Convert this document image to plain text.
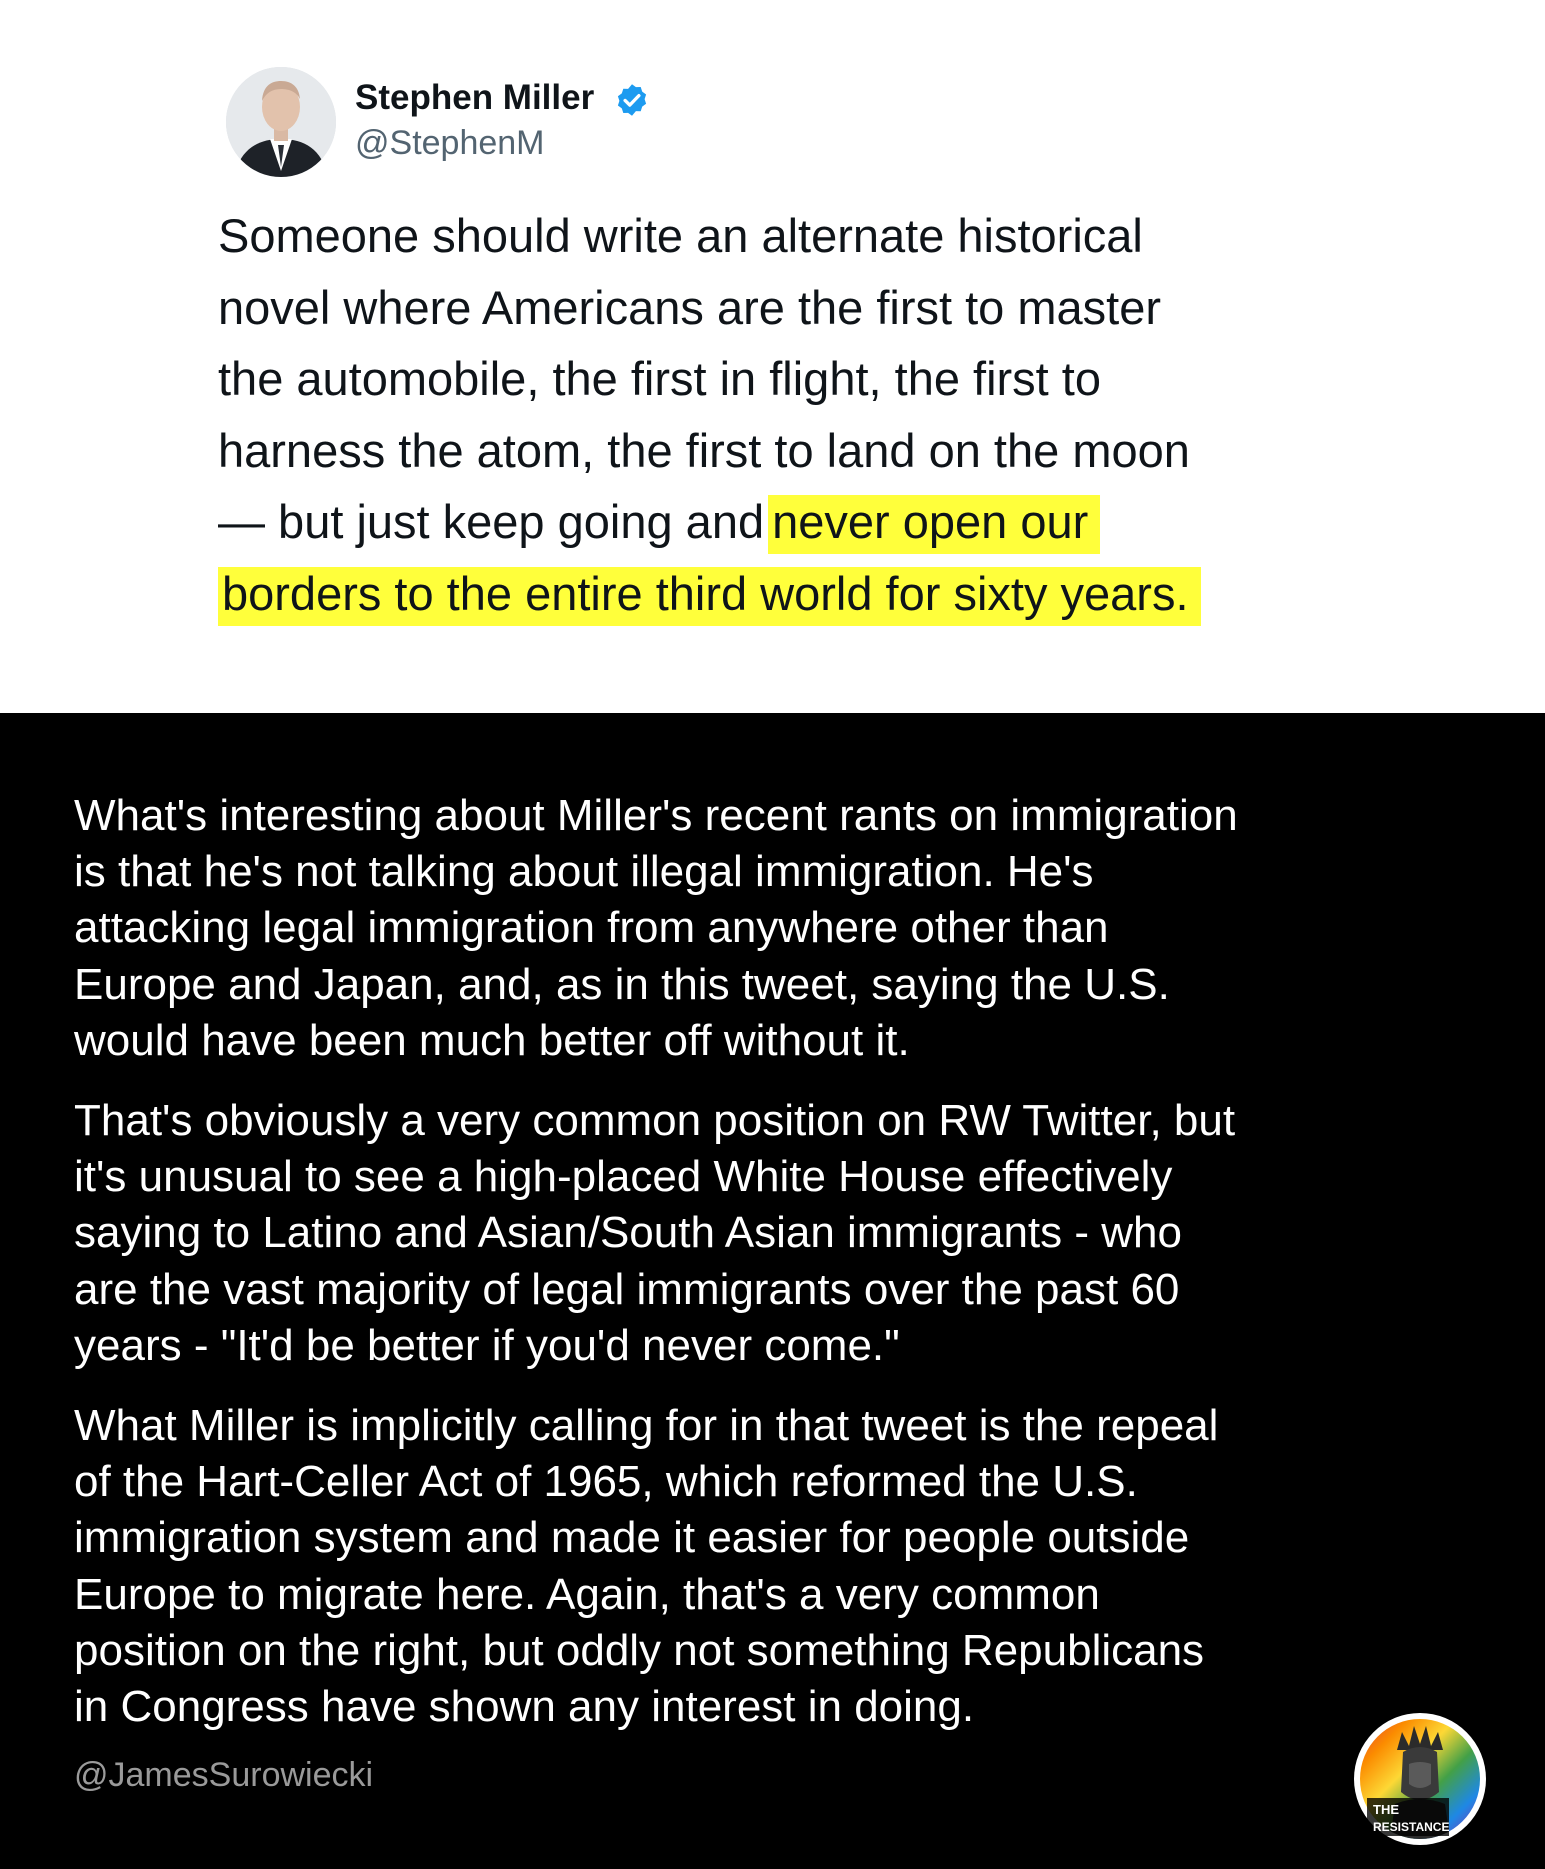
Stephen Miller
@StephenM
Someone should write an alternate historical
novel where Americans are the first to master
the automobile, the first in flight, the first to
harness the atom, the first to land on the moon
— but just keep going and never open our
borders to the entire third world for sixty years.
What's interesting about Miller's recent rants on immigration
is that he's not talking about illegal immigration. He's
attacking legal immigration from anywhere other than
Europe and Japan, and, as in this tweet, saying the U.S.
would have been much better off without it.
That's obviously a very common position on RW Twitter, but
it's unusual to see a high-placed White House effectively
saying to Latino and Asian/South Asian immigrants - who
are the vast majority of legal immigrants over the past 60
years - "It'd be better if you'd never come."
What Miller is implicitly calling for in that tweet is the repeal
of the Hart-Celler Act of 1965, which reformed the U.S.
immigration system and made it easier for people outside
Europe to migrate here. Again, that's a very common
position on the right, but oddly not something Republicans
in Congress have shown any interest in doing.
@JamesSurowiecki
THE
RESISTANCE
